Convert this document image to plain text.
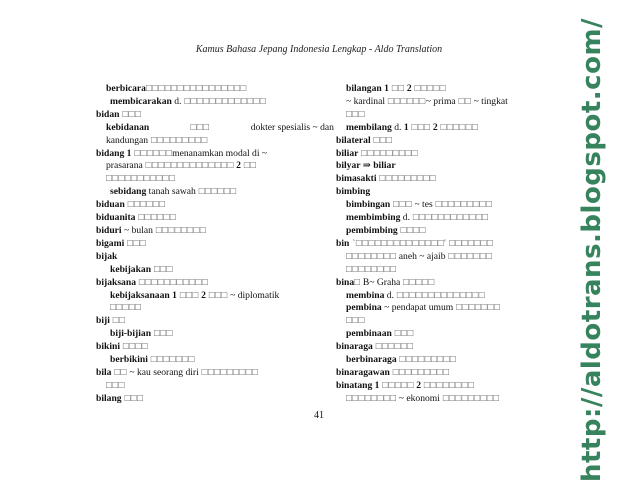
Kamus Bahasa Jepang Indonesia Lengkap - Aldo Translation
berbicara□□□□□□□□□□□□□□□□
membicarakan d. □□□□□□□□□□□□□
bidan □□□
kebidanan	□□□	dokter spesialis ~ dan
kandungan □□□□□□□□□
bidang 1 □□□□□□menanamkan modal di ~
prasarana □□□□□□□□□□□□□□ 2 □□
□□□□□□□□□□□
sebidang tanah sawah □□□□□□
biduan □□□□□□
biduanita □□□□□□
biduri ~ bulan □□□□□□□□
bigami □□□
bijak
kebijakan □□□
bijaksana □□□□□□□□□□□
kebijaksanaan 1 □□□ 2 □□□ ~ diplomatik
□□□□□
biji □□
biji-bijian □□□
bikini □□□□
berbikini □□□□□□□
bila □□ ~ kau seorang diri □□□□□□□□□
□□□
bilang □□□
bilangan 1 □□ 2 □□□□□
~ kardinal □□□□□□~ prima □□ ~ tingkat
□□□
membilang d. 1 □□□ 2 □□□□□□
bilateral □□□
biliar □□□□□□□□□
bilyar ⇒ biliar
bimasakti □□□□□□□□□
bimbing
bimbingan □□□ ~ tes □□□□□□□□□
membimbing d. □□□□□□□□□□□□
pembimbing □□□□
bin `□□□□□□□□□□□□□□' □□□□□□□
□□□□□□□□ aneh ~ ajaib □□□□□□□
□□□□□□□□
bina□ B~ Graha □□□□□
membina d. □□□□□□□□□□□□□□
pembina ~ pendapat umum □□□□□□□
□□□
pembinaan □□□
binaraga □□□□□□
berbinaraga □□□□□□□□□
binaragawan □□□□□□□□□
binatang 1 □□□□□ 2 □□□□□□□□
□□□□□□□□ ~ ekonomi □□□□□□□□□
41	http://aldotrans.blogspot.com/
